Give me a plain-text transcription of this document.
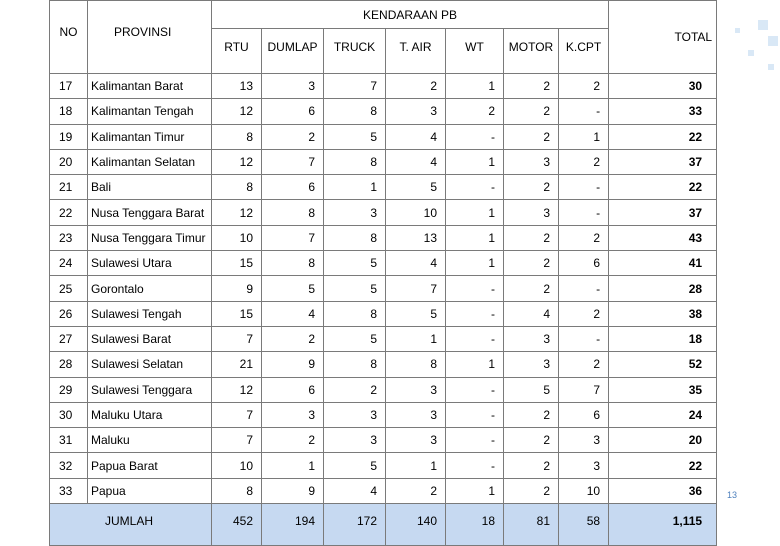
NO	PROVINSI	KENDARAAN PB							TOTAL
		RTU	DUMLAP	TRUCK	T. AIR	WT	MOTOR	K.CPT	
17	Kalimantan Barat	13	3	7	2	1	2	2	30
18	Kalimantan Tengah	12	6	8	3	2	2	-	33
19	Kalimantan Timur	8	2	5	4	-	2	1	22
20	Kalimantan Selatan	12	7	8	4	1	3	2	37
21	Bali	8	6	1	5	-	2	-	22
22	Nusa Tenggara Barat	12	8	3	10	1	3	-	37
23	Nusa Tenggara Timur	10	7	8	13	1	2	2	43
24	Sulawesi Utara	15	8	5	4	1	2	6	41
25	Gorontalo	9	5	5	7	-	2	-	28
26	Sulawesi Tengah	15	4	8	5	-	4	2	38
27	Sulawesi Barat	7	2	5	1	-	3	-	18
28	Sulawesi Selatan	21	9	8	8	1	3	2	52
29	Sulawesi Tenggara	12	6	2	3	-	5	7	35
30	Maluku Utara	7	3	3	3	-	2	6	24
31	Maluku	7	2	3	3	-	2	3	20
32	Papua Barat	10	1	5	1	-	2	3	22
33	Papua	8	9	4	2	1	2	10	36
JUMLAH		452	194	172	140	18	81	58	1,115
13
